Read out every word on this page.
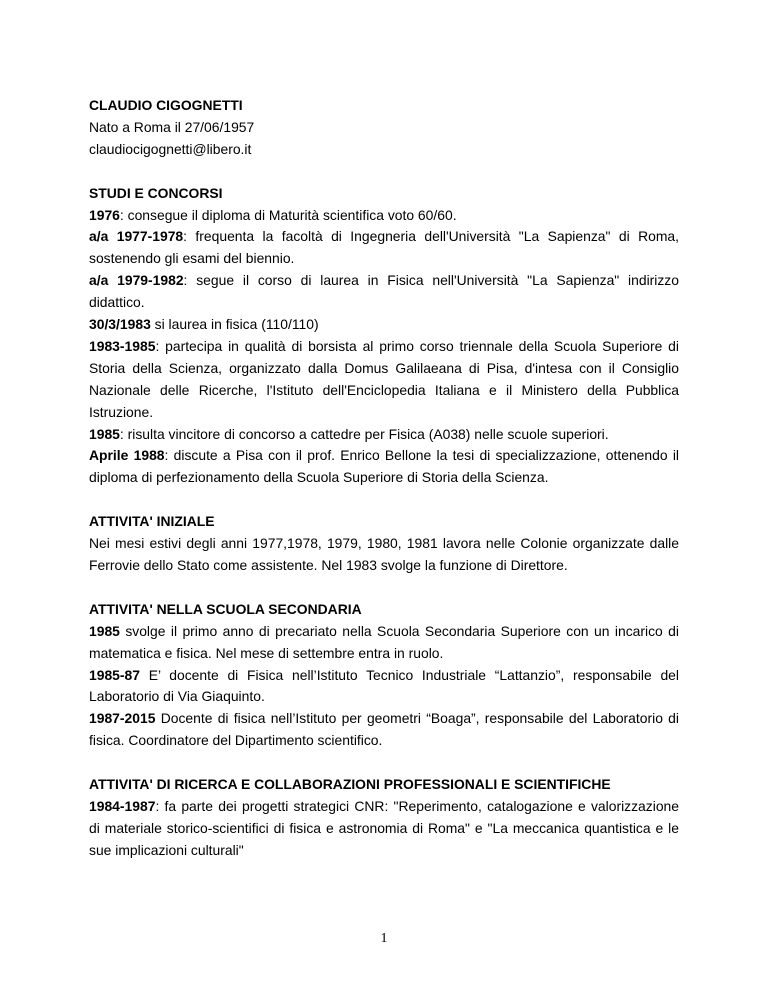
CLAUDIO CIGOGNETTI
Nato a Roma il 27/06/1957
claudiocigognetti@libero.it
STUDI E CONCORSI

1976: consegue il diploma di Maturità scientifica voto 60/60.

a/a 1977-1978: frequenta la facoltà di Ingegneria dell'Università "La Sapienza" di Roma, sostenendo gli esami del biennio.

a/a 1979-1982: segue il corso di laurea in Fisica nell'Università "La Sapienza" indirizzo didattico.

30/3/1983 si laurea in fisica (110/110)

1983-1985: partecipa in qualità di borsista al primo corso triennale della Scuola Superiore di Storia della Scienza, organizzato dalla Domus Galilaeana di Pisa, d'intesa con il Consiglio Nazionale delle Ricerche, l'Istituto dell'Enciclopedia Italiana e il Ministero della Pubblica Istruzione.

1985: risulta vincitore di concorso a cattedre per Fisica (A038) nelle scuole superiori.

Aprile 1988: discute a Pisa con il prof. Enrico Bellone la tesi di specializzazione, ottenendo il diploma di perfezionamento della Scuola Superiore di Storia della Scienza.

ATTIVITA' INIZIALE

Nei mesi estivi degli anni 1977,1978, 1979, 1980, 1981 lavora nelle Colonie organizzate dalle Ferrovie dello Stato come assistente. Nel 1983 svolge la funzione di Direttore.

ATTIVITA' NELLA SCUOLA SECONDARIA

1985 svolge il primo anno di precariato nella Scuola Secondaria Superiore con un incarico di matematica e fisica. Nel mese di settembre entra in ruolo.

1985-87 E’ docente di Fisica nell’Istituto Tecnico Industriale “Lattanzio”, responsabile del Laboratorio di Via Giaquinto.

1987-2015 Docente di fisica nell’Istituto per geometri “Boaga”, responsabile del Laboratorio di fisica. Coordinatore del Dipartimento scientifico.

ATTIVITA' DI RICERCA E COLLABORAZIONI PROFESSIONALI E SCIENTIFICHE

1984-1987: fa parte dei progetti strategici CNR: "Reperimento, catalogazione e valorizzazione di materiale storico-scientifici di fisica e astronomia di Roma" e "La meccanica quantistica e le sue implicazioni culturali"

1
